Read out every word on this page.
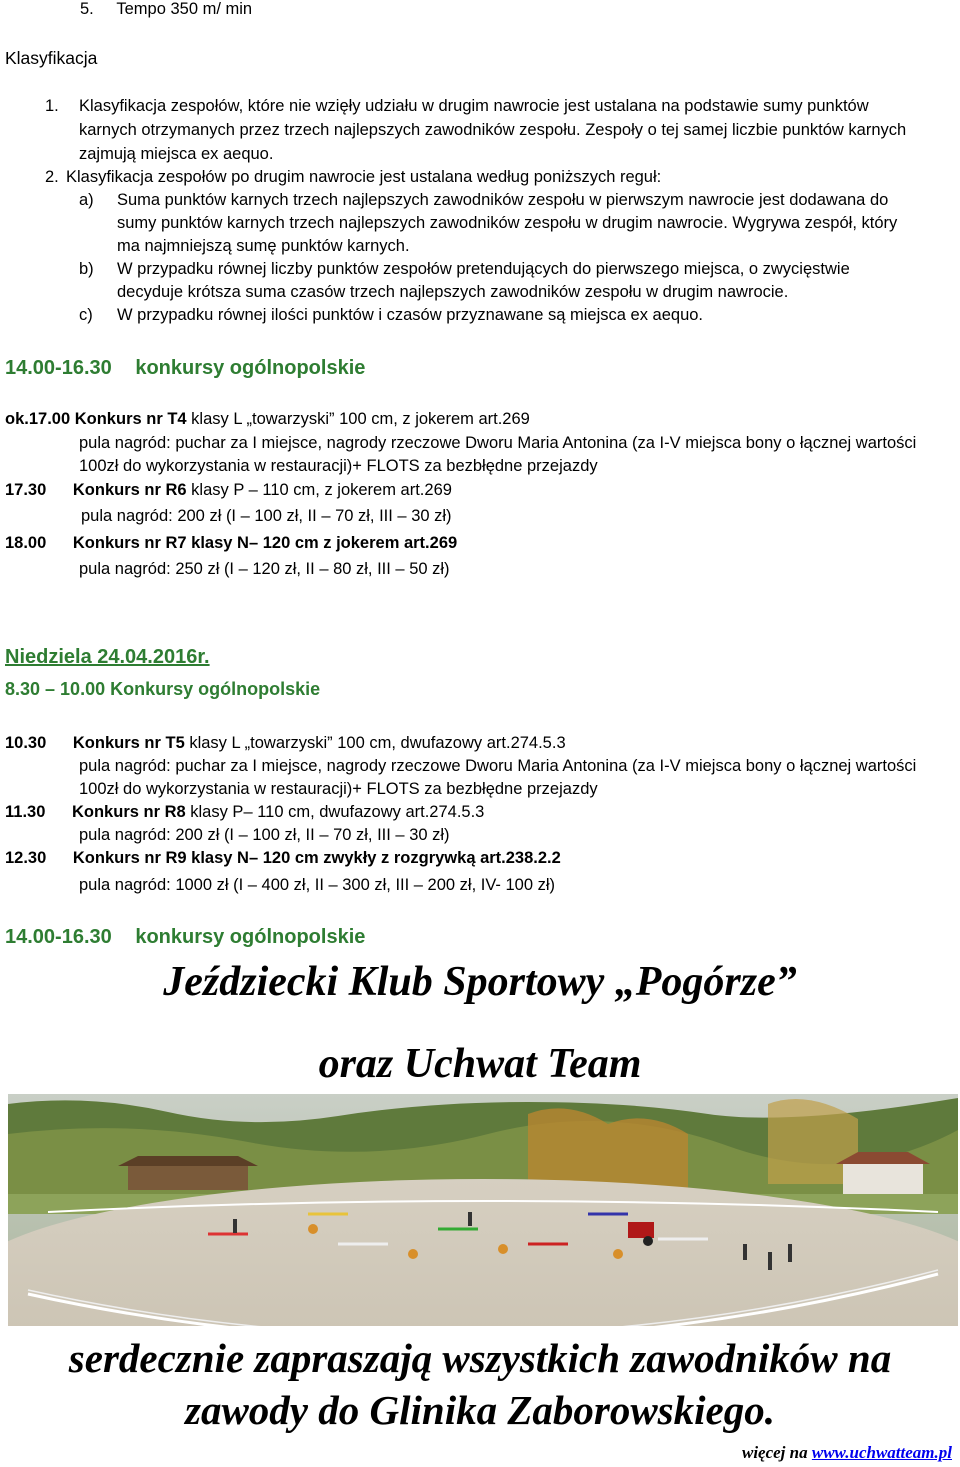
5. Tempo 350 m/ min
Klasyfikacja
1. Klasyfikacja zespołów, które nie wzięły udziału w drugim nawrocie jest ustalana na podstawie sumy punktów
karnych otrzymanych przez trzech najlepszych zawodników zespołu. Zespoły o tej samej liczbie punktów karnych
zajmują miejsca ex aequo.
2. Klasyfikacja zespołów po drugim nawrocie jest ustalana według poniższych reguł:
a) Suma punktów karnych trzech najlepszych zawodników zespołu w pierwszym nawrocie jest dodawana do
sumy punktów karnych trzech najlepszych zawodników zespołu w drugim nawrocie. Wygrywa zespół, który
ma najmniejszą sumę punktów karnych.
b) W przypadku równej liczby punktów zespołów pretendujących do pierwszego miejsca, o zwycięstwie
decyduje krótsza suma czasów trzech najlepszych zawodników zespołu w drugim nawrocie.
c) W przypadku równej ilości punktów i czasów przyznawane są miejsca ex aequo.
14.00-16.30 konkursy ogólnopolskie
ok.17.00 Konkurs nr T4 klasy L „towarzyski” 100 cm, z jokerem art.269
pula nagród: puchar za I miejsce, nagrody rzeczowe Dworu Maria Antonina (za I-V miejsca bony o łącznej wartości
100zł do wykorzystania w restauracji)+ FLOTS za bezbłędne przejazdy
17.30 Konkurs nr R6 klasy P – 110 cm, z jokerem art.269
pula nagród: 200 zł (I – 100 zł, II – 70 zł, III – 30 zł)
18.00 Konkurs nr R7 klasy N– 120 cm z jokerem art.269
pula nagród: 250 zł (I – 120 zł, II – 80 zł, III – 50 zł)
Niedziela 24.04.2016r.
8.30 – 10.00 Konkursy ogólnopolskie
10.30 Konkurs nr T5 klasy L „towarzyski” 100 cm, dwufazowy art.274.5.3
pula nagród: puchar za I miejsce, nagrody rzeczowe Dworu Maria Antonina (za I-V miejsca bony o łącznej wartości
100zł do wykorzystania w restauracji)+ FLOTS za bezbłędne przejazdy
11.30 Konkurs nr R8 klasy P– 110 cm, dwufazowy art.274.5.3
pula nagród: 200 zł (I – 100 zł, II – 70 zł, III – 30 zł)
12.30 Konkurs nr R9 klasy N– 120 cm zwykły z rozgrywką art.238.2.2
pula nagród: 1000 zł (I – 400 zł, II – 300 zł, III – 200 zł, IV- 100 zł)
14.00-16.30 konkursy ogólnopolskie
Jeździecki Klub Sportowy „Pogórze”
oraz Uchwat Team
serdecznie zapraszają wszystkich zawodników na
zawody do Glinika Zaborowskiego.
więcej na www.uchwatteam.pl
